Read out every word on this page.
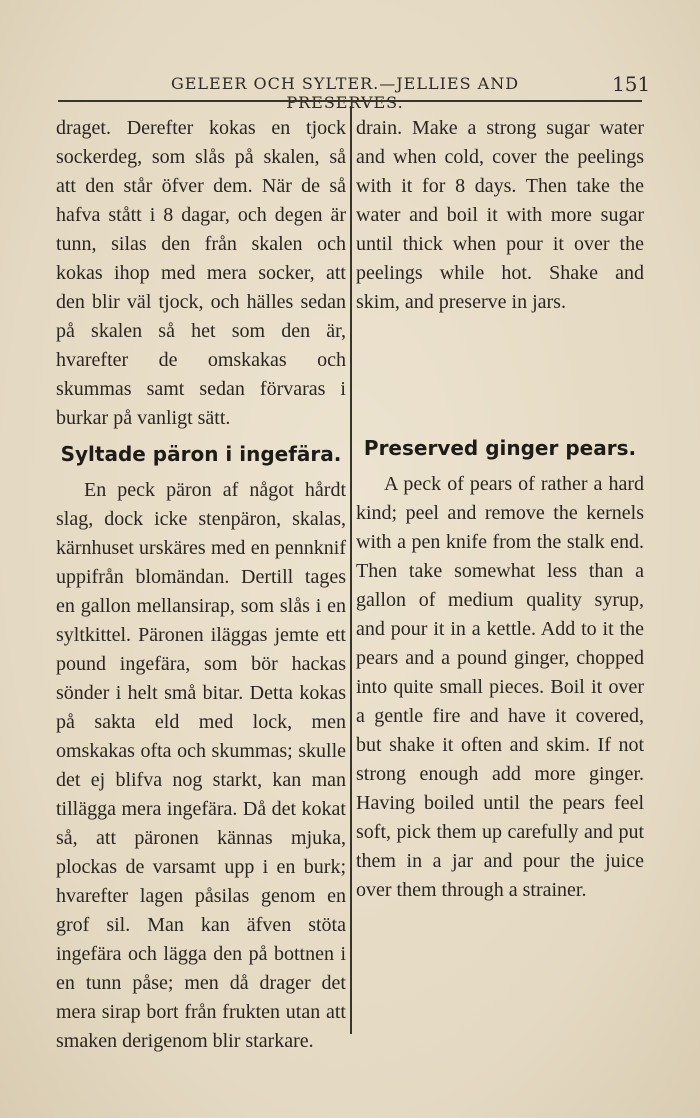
GELEER OCH SYLTER.—JELLIES AND PRESERVES.
151

draget. Derefter kokas en tjock sockerdeg, som slås på skalen, så att den står öfver dem. När de så hafva stått i 8 dagar, och degen är tunn, silas den från skalen och kokas ihop med mera socker, att den blir väl tjock, och hälles sedan på skalen så het som den är, hvarefter de omskakas och skummas samt sedan förvaras i burkar på vanligt sätt.

drain. Make a strong sugar water and when cold, cover the peelings with it for 8 days. Then take the water and boil it with more sugar until thick when pour it over the peelings while hot. Shake and skim, and preserve in jars.

Syltade päron i ingefära.	Preserved ginger pears.

En peck päron af något hårdt slag, dock icke stenpäron, skalas, kärnhuset urskäres med en pennknif uppifrån blomändan. Dertill tages en gallon mellansirap, som slås i en syltkittel. Päronen iläggas jemte ett pound ingefära, som bör hackas sönder i helt små bitar. Detta kokas på sakta eld med lock, men omskakas ofta och skummas; skulle det ej blifva nog starkt, kan man tillägga mera ingefära. Då det kokat så, att päronen kännas mjuka, plockas de varsamt upp i en burk; hvarefter lagen påsilas genom en grof sil. Man kan äfven stöta ingefära och lägga den på bottnen i en tunn påse; men då drager det mera sirap bort från frukten utan att smaken derigenom blir starkare.

A peck of pears of rather a hard kind; peel and remove the kernels with a pen knife from the stalk end. Then take somewhat less than a gallon of medium quality syrup, and pour it in a kettle. Add to it the pears and a pound ginger, chopped into quite small pieces. Boil it over a gentle fire and have it covered, but shake it often and skim. If not strong enough add more ginger. Having boiled until the pears feel soft, pick them up carefully and put them in a jar and pour the juice over them through a strainer.
